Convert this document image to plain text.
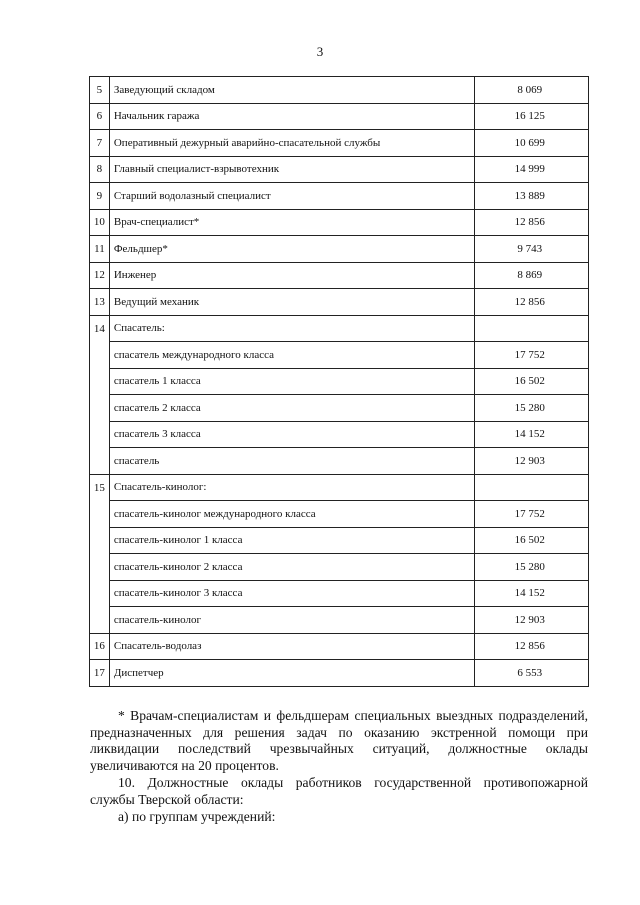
3
5	Заведующий складом	8 069
6	Начальник гаража	16 125
7	Оперативный дежурный аварийно-спасательной службы	10 699
8	Главный специалист-взрывотехник	14 999
9	Старший водолазный специалист	13 889
10	Врач-специалист*	12 856
11	Фельдшер*	9 743
12	Инженер	8 869
13	Ведущий механик	12 856
14	Спасатель:	
	спасатель международного класса	17 752
	спасатель 1 класса	16 502
	спасатель 2 класса	15 280
	спасатель 3 класса	14 152
	спасатель	12 903
15	Спасатель-кинолог:	
	спасатель-кинолог международного класса	17 752
	спасатель-кинолог 1 класса	16 502
	спасатель-кинолог 2 класса	15 280
	спасатель-кинолог 3 класса	14 152
	спасатель-кинолог	12 903
16	Спасатель-водолаз	12 856
17	Диспетчер	6 553

* Врачам-специалистам и фельдшерам специальных выездных подразделений, предназначенных для решения задач по оказанию экстренной помощи при ликвидации последствий чрезвычайных ситуаций, должностные оклады увеличиваются на 20 процентов.

10. Должностные оклады работников государственной противопожарной службы Тверской области:

а) по группам учреждений:
